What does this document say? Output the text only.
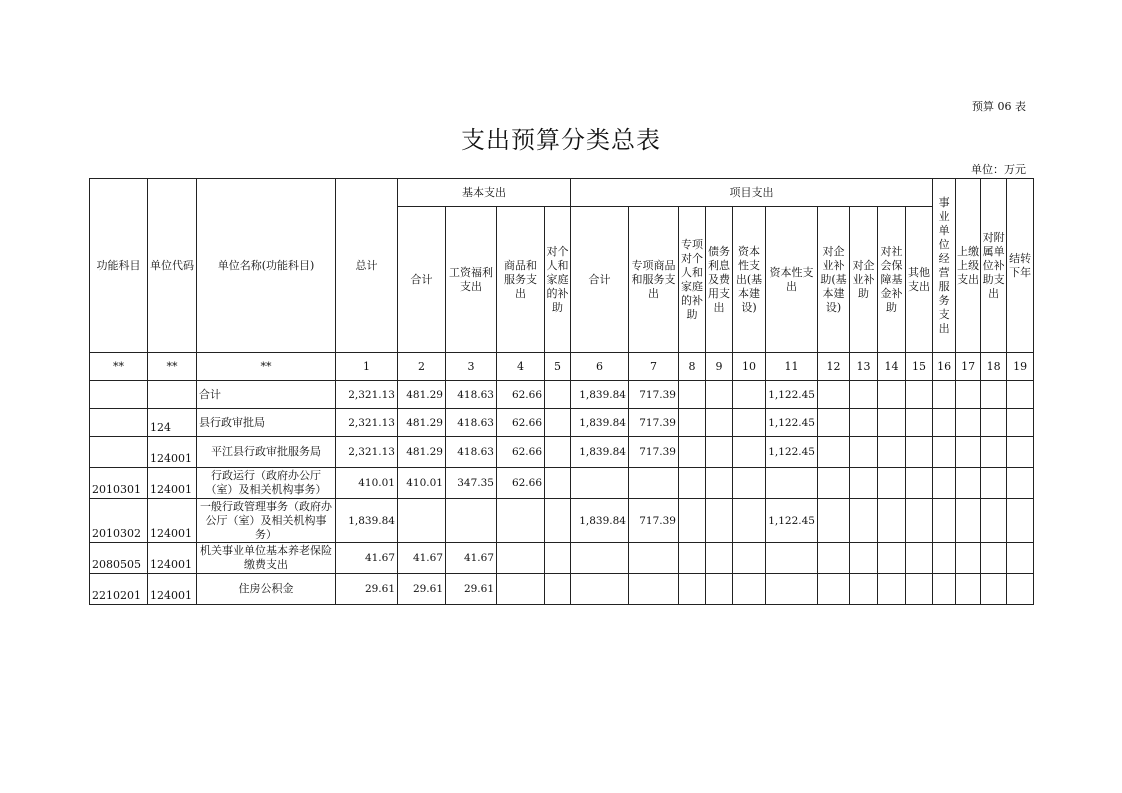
预算 06 表
支出预算分类总表
单位：万元
功能科目	单位代码	单位名称(功能科目)	总计	基本支出				项目支出										事业单位经营服务支出	上缴上级支出	对附属单位补助支出	结转下年
				合计	工资福利支出	商品和服务支出	对个人和家庭的补助	合计	专项商品和服务支出	专项对个人和家庭的补助	债务利息及费用支出	资本性支出(基本建设)	资本性支出	对企业补助(基本建设)	对企业补助	对社会保障基金补助	其他支出				
**	**	**	1	2	3	4	5	6	7	8	9	10	11	12	13	14	15	16	17	18	19
		合计	2,321.13	481.29	418.63	62.66		1,839.84	717.39				1,122.45								
	124	县行政审批局	2,321.13	481.29	418.63	62.66		1,839.84	717.39				1,122.45								
	124001	平江县行政审批服务局	2,321.13	481.29	418.63	62.66		1,839.84	717.39				1,122.45								
2010301	124001	行政运行（政府办公厅（室）及相关机构事务）	410.01	410.01	347.35	62.66															
2010302	124001	一般行政管理事务（政府办公厅（室）及相关机构事务）	1,839.84					1,839.84	717.39				1,122.45								
2080505	124001	机关事业单位基本养老保险缴费支出	41.67	41.67	41.67																
2210201	124001	住房公积金	29.61	29.61	29.61																
